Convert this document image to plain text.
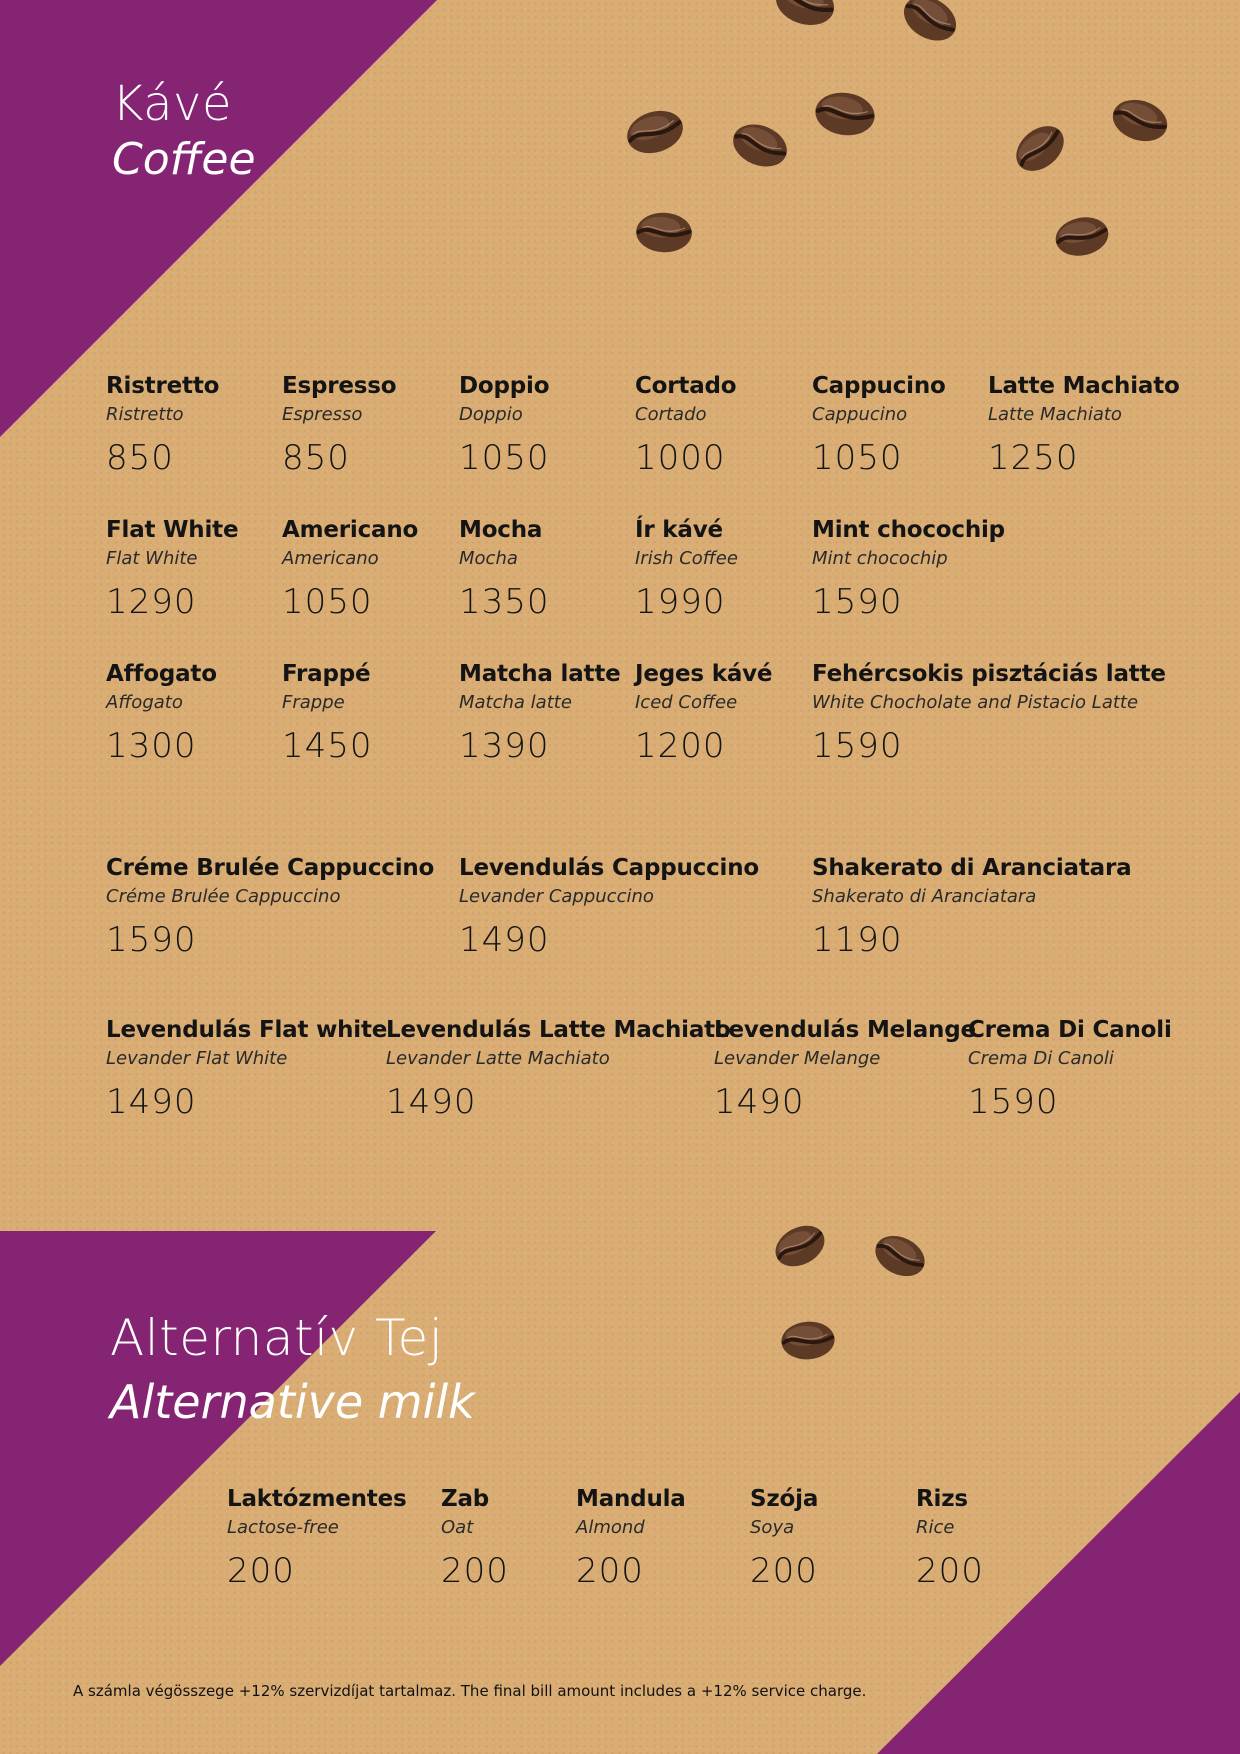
Kávé
Coffee
Alternatív Tej
Alternative milk
Ristretto
Ristretto
850
Espresso
Espresso
850
Doppio
Doppio
1050
Cortado
Cortado
1000
Cappucino
Cappucino
1050
Latte Machiato
Latte Machiato
1250
Flat White
Flat White
1290
Americano
Americano
1050
Mocha
Mocha
1350
Ír kávé
Irish Coffee
1990
Mint chocochip
Mint chocochip
1590
Affogato
Affogato
1300
Frappé
Frappe
1450
Matcha latte
Matcha latte
1390
Jeges kávé
Iced Coffee
1200
Fehércsokis pisztáciás latte
White Chocholate and Pistacio Latte
1590
Créme Brulée Cappuccino
Créme Brulée Cappuccino
1590
Levendulás Cappuccino
Levander Cappuccino
1490
Shakerato di Aranciatara
Shakerato di Aranciatara
1190
Levendulás Flat white
Levander Flat White
1490
Levendulás Latte Machiato
Levander Latte Machiato
1490
Levendulás Melange
Levander Melange
1490
Crema Di Canoli
Crema Di Canoli
1590
Laktózmentes
Lactose-free
200
Zab
Oat
200
Mandula
Almond
200
Szója
Soya
200
Rizs
Rice
200
A számla végösszege +12% szervizdíjat tartalmaz. The final bill amount includes a +12% service charge.
